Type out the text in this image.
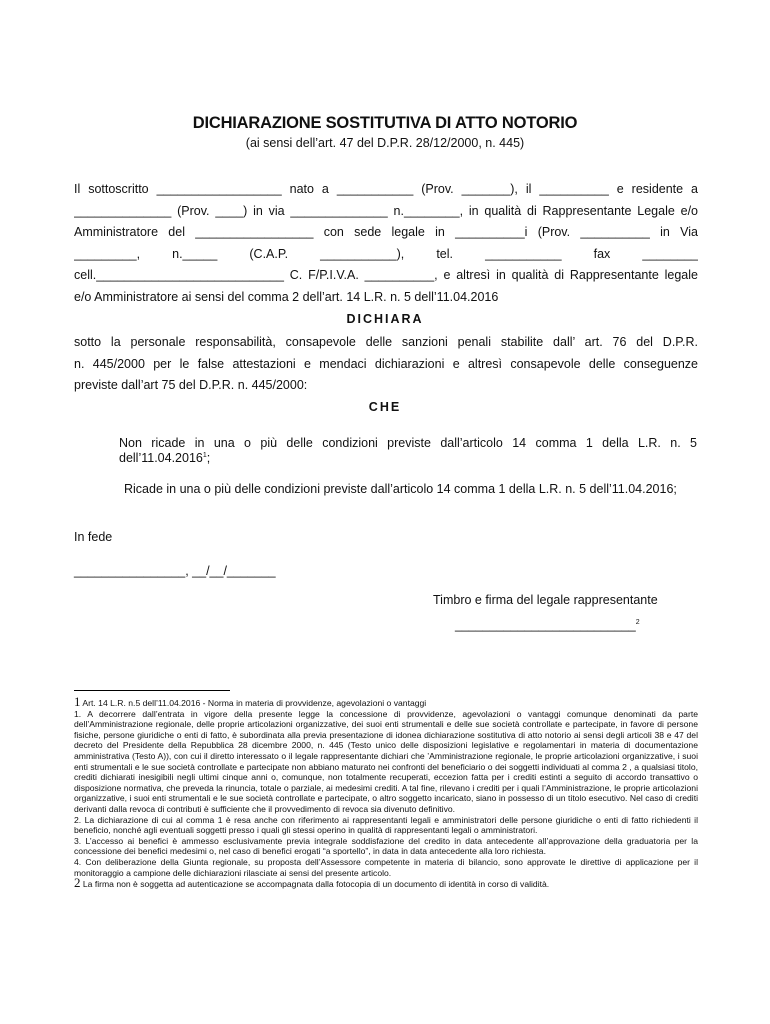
DICHIARAZIONE SOSTITUTIVA DI ATTO NOTORIO
(ai sensi dell’art. 47 del D.P.R. 28/12/2000, n. 445)
Il sottoscritto __________________ nato a ___________ (Prov. _______), il __________ e residente a
______________ (Prov. ____) in via ______________ n.________, in qualità di Rappresentante Legale e/o
Amministratore del _________________ con sede legale in __________i (Prov. __________ in Via
_________, n._____ (C.A.P. ___________), tel. ___________ fax ________
cell.___________________________ C. F/P.I.V.A. __________, e altresì in qualità di Rappresentante legale
e/o Amministratore ai sensi del comma 2 dell’art. 14 L.R. n. 5 dell’11.04.2016
DICHIARA
sotto la personale responsabilità, consapevole delle sanzioni penali stabilite dall’ art. 76 del D.P.R.
n. 445/2000 per le false attestazioni e mendaci dichiarazioni e altresì consapevole delle conseguenze
previste dall’art 75 del D.P.R. n. 445/2000:
CHE
Non ricade in una o più delle condizioni previste dall’articolo 14 comma 1 della L.R. n. 5 dell’11.04.2016$^1$;
Ricade in una o più delle condizioni previste dall’articolo 14 comma 1 della L.R. n. 5 dell’11.04.2016;
In fede
________________, __/__/_______
Timbro e firma del legale rappresentante
__________________________$^2$

1 Art. 14 L.R. n.5 dell’11.04.2016 - Norma in materia di provvidenze, agevolazioni o vantaggi

1. A decorrere dall’entrata in vigore della presente legge la concessione di provvidenze, agevolazioni o vantaggi comunque denominati da parte dell’Amministrazione regionale, delle proprie articolazioni organizzative, dei suoi enti strumentali e delle sue società controllate e partecipate, in favore di persone fisiche, persone giuridiche o enti di fatto, è subordinata alla previa presentazione di idonea dichiarazione sostitutiva di atto notorio ai sensi degli articoli 38 e 47 del decreto del Presidente della Repubblica 28 dicembre 2000, n. 445 (Testo unico delle disposizioni legislative e regolamentari in materia di documentazione amministrativa (Testo A)), con cui il diretto interessato o il legale rappresentante dichiari che ’Amministrazione regionale, le proprie articolazioni organizzative, i suoi enti strumentali e le sue società controllate e partecipate non abbiano maturato nei confronti del beneficiario o dei soggetti individuati al comma 2 , a qualsiasi titolo, crediti dichiarati inesigibili negli ultimi cinque anni o, comunque, non totalmente recuperati, eccezion fatta per i crediti estinti a seguito di accordo transattivo o disposizione normativa, che preveda la rinuncia, totale o parziale, ai medesimi crediti. A tal fine, rilevano i crediti per i quali l’Amministrazione, le proprie articolazioni organizzative, i suoi enti strumentali e le sue società controllate e partecipate, o altro soggetto incaricato, siano in possesso di un titolo esecutivo. Nel caso di crediti derivanti dalla revoca di contributi è sufficiente che il provvedimento di revoca sia divenuto definitivo.

2. La dichiarazione di cui al comma 1 è resa anche con riferimento ai rappresentanti legali e amministratori delle persone giuridiche o enti di fatto richiedenti il beneficio, nonché agli eventuali soggetti presso i quali gli stessi operino in qualità di rappresentanti legali o amministratori.

3. L’accesso ai benefici è ammesso esclusivamente previa integrale soddisfazione del credito in data antecedente all’approvazione della graduatoria per la concessione dei benefici medesimi o, nel caso di benefici erogati “a sportello”, in data in data antecedente alla loro richiesta.

4. Con deliberazione della Giunta regionale, su proposta dell’Assessore competente in materia di bilancio, sono approvate le direttive di applicazione per il monitoraggio a campione delle dichiarazioni rilasciate ai sensi del presente articolo.

2 La firma non è soggetta ad autenticazione se accompagnata dalla fotocopia di un documento di identità in corso di validità.
